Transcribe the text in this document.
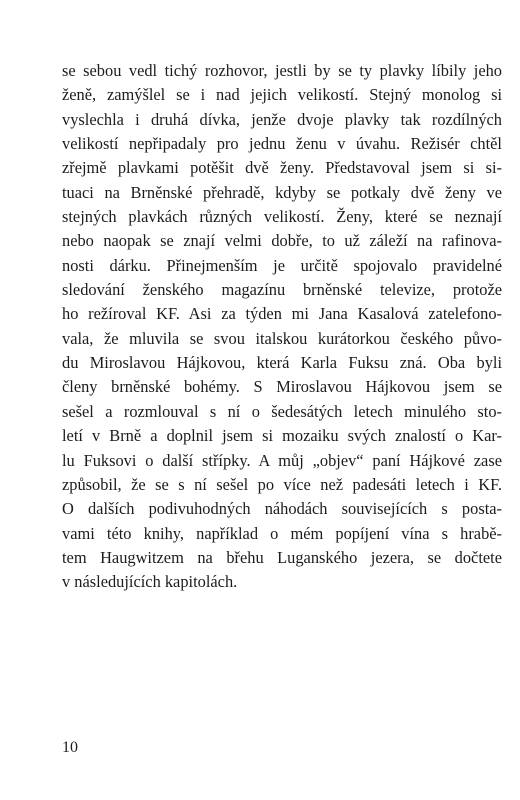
se sebou vedl tichý rozhovor, jestli by se ty plavky líbily jeho
ženě, zamýšlel se i nad jejich velikostí. Stejný monolog si
vyslechla i druhá dívka, jenže dvoje plavky tak rozdílných
velikostí nepřipadaly pro jednu ženu v úvahu. Režisér chtěl
zřejmě plavkami potěšit dvě ženy. Představoval jsem si si-
tuaci na Brněnské přehradě, kdyby se potkaly dvě ženy ve
stejných plavkách různých velikostí. Ženy, které se neznají
nebo naopak se znají velmi dobře, to už záleží na rafinova-
nosti dárku. Přinejmenším je určitě spojovalo pravidelné
sledování ženského magazínu brněnské televize, protože
ho režíroval KF. Asi za týden mi Jana Kasalová zatelefono-
vala, že mluvila se svou italskou kurátorkou českého půvo-
du Miroslavou Hájkovou, která Karla Fuksu zná. Oba byli
členy brněnské bohémy. S Miroslavou Hájkovou jsem se
sešel a rozmlouval s ní o šedesátých letech minulého sto-
letí v Brně a doplnil jsem si mozaiku svých znalostí o Kar-
lu Fuksovi o další střípky. A můj „objev“ paní Hájkové zase
způsobil, že se s ní sešel po více než padesáti letech i KF.
O dalších podivuhodných náhodách souvisejících s posta-
vami této knihy, například o mém popíjení vína s hrabě-
tem Haugwitzem na břehu Luganského jezera, se dočtete
v následujících kapitolách.
10
